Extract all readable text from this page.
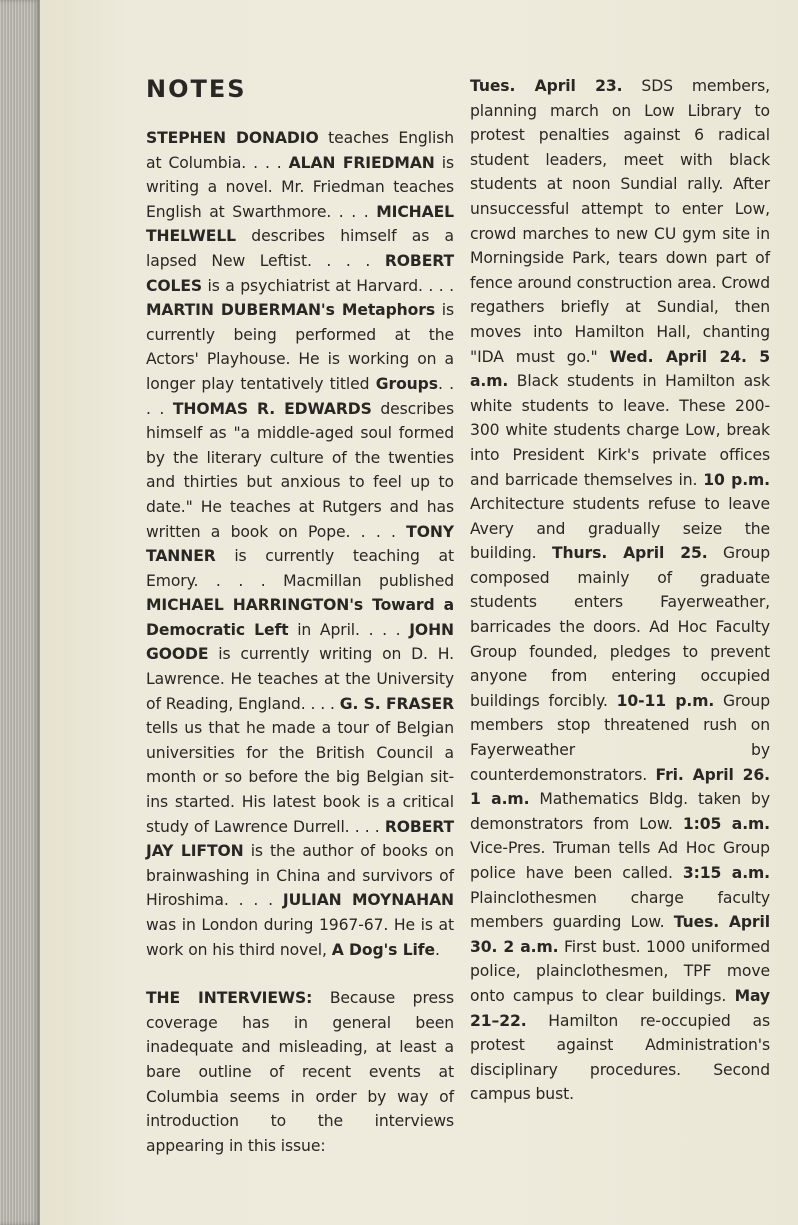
NOTES

STEPHEN DONADIO teaches English at Columbia. . . . ALAN FRIEDMAN is writing a novel. Mr. Friedman teaches English at Swarthmore. . . . MICHAEL THELWELL describes himself as a lapsed New Leftist. . . . ROBERT COLES is a psychiatrist at Harvard. . . . MARTIN DUBERMAN's Metaphors is currently being performed at the Actors' Playhouse. He is working on a longer play tentatively titled Groups. . . . THOMAS R. EDWARDS describes himself as "a middle-aged soul formed by the literary culture of the twenties and thirties but anxious to feel up to date." He teaches at Rutgers and has written a book on Pope. . . . TONY TANNER is currently teaching at Emory. . . . Macmillan published MICHAEL HARRINGTON's Toward a Democratic Left in April. . . . JOHN GOODE is currently writing on D. H. Lawrence. He teaches at the University of Reading, England. . . . G. S. FRASER tells us that he made a tour of Belgian universities for the British Council a month or so before the big Belgian sit-ins started. His latest book is a critical study of Lawrence Durrell. . . . ROBERT JAY LIFTON is the author of books on brainwashing in China and survivors of Hiroshima. . . . JULIAN MOYNAHAN was in London during 1967-67. He is at work on his third novel, A Dog's Life.

THE INTERVIEWS: Because press coverage has in general been inadequate and misleading, at least a bare outline of recent events at Columbia seems in order by way of introduction to the interviews appearing in this issue:

Tues. April 23. SDS members, planning march on Low Library to protest penalties against 6 radical student leaders, meet with black students at noon Sundial rally. After unsuccessful attempt to enter Low, crowd marches to new CU gym site in Morningside Park, tears down part of fence around construction area. Crowd regathers briefly at Sundial, then moves into Hamilton Hall, chanting "IDA must go." Wed. April 24. 5 a.m. Black students in Hamilton ask white students to leave. These 200-300 white students charge Low, break into President Kirk's private offices and barricade themselves in. 10 p.m. Architecture students refuse to leave Avery and gradually seize the building. Thurs. April 25. Group composed mainly of graduate students enters Fayerweather, barricades the doors. Ad Hoc Faculty Group founded, pledges to prevent anyone from entering occupied buildings forcibly. 10-11 p.m. Group members stop threatened rush on Fayerweather by counterdemonstrators. Fri. April 26. 1 a.m. Mathematics Bldg. taken by demonstrators from Low. 1:05 a.m. Vice-Pres. Truman tells Ad Hoc Group police have been called. 3:15 a.m. Plainclothesmen charge faculty members guarding Low. Tues. April 30. 2 a.m. First bust. 1000 uniformed police, plainclothesmen, TPF move onto campus to clear buildings. May 21–22. Hamilton re-occupied as protest against Administration's disciplinary procedures. Second campus bust.
